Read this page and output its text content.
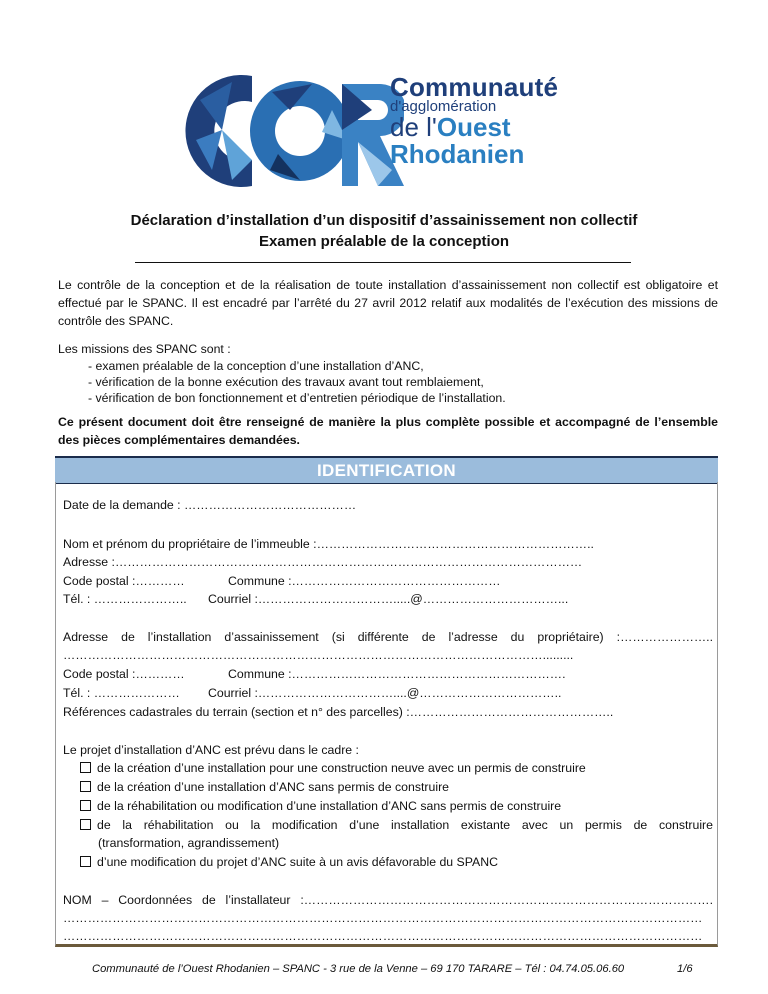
Communauté
d'agglomération
de l'Ouest
Rhodanien
Déclaration d’installation d’un dispositif d’assainissement non collectif
Examen préalable de la conception
Le contrôle de la conception et de la réalisation de toute installation d’assainissement non collectif est obligatoire et effectué par le SPANC. Il est encadré par l’arrêté du 27 avril 2012 relatif aux modalités de l’exécution des missions de contrôle des SPANC.
Les missions des SPANC sont :
- examen préalable de la conception d’une installation d’ANC,
- vérification de la bonne exécution des travaux avant tout remblaiement,
- vérification de bon fonctionnement et d’entretien périodique de l’installation.
Ce présent document doit être renseigné de manière la plus complète possible et accompagné de l’ensemble des pièces complémentaires demandées.
IDENTIFICATION
Date de la demande : ……………………………………
Nom et prénom du propriétaire de l’immeuble :…………………………………………………………..
Adresse :……………………………………………………………………………………………………
Code postal :…………	Commune :……………………………………………
Tél. : ………………….. Courriel :…………………………….....@……………………………...
Adresse de l’installation d’assainissement (si différente de l’adresse du propriétaire) :…………………..
……………………………………………………………………………………………………….........
Code postal :…………	Commune :………………………………………………………….
Tél. : ………………… Courriel :……………………………....@……………………………..
Références cadastrales du terrain (section et n° des parcelles) :…………………………………………..
Le projet d’installation d’ANC est prévu dans le cadre :
de la création d’une installation pour une construction neuve avec un permis de construire
de la création d’une installation d’ANC sans permis de construire
de la réhabilitation ou modification d’une installation d’ANC sans permis de construire
de la réhabilitation ou la modification d’une installation existante avec un permis de construire
(transformation, agrandissement)
d’une modification du projet d’ANC suite à un avis défavorable du SPANC
NOM – Coordonnées de l’installateur :……………………………………………………………………………………….
…………………………………………………………………………………………………………………………………………
…………………………………………………………………………………………………………………………………………
Communauté de l’Ouest Rhodanien – SPANC - 3 rue de la Venne – 69 170 TARARE – Tél : 04.74.05.06.60	1/6
